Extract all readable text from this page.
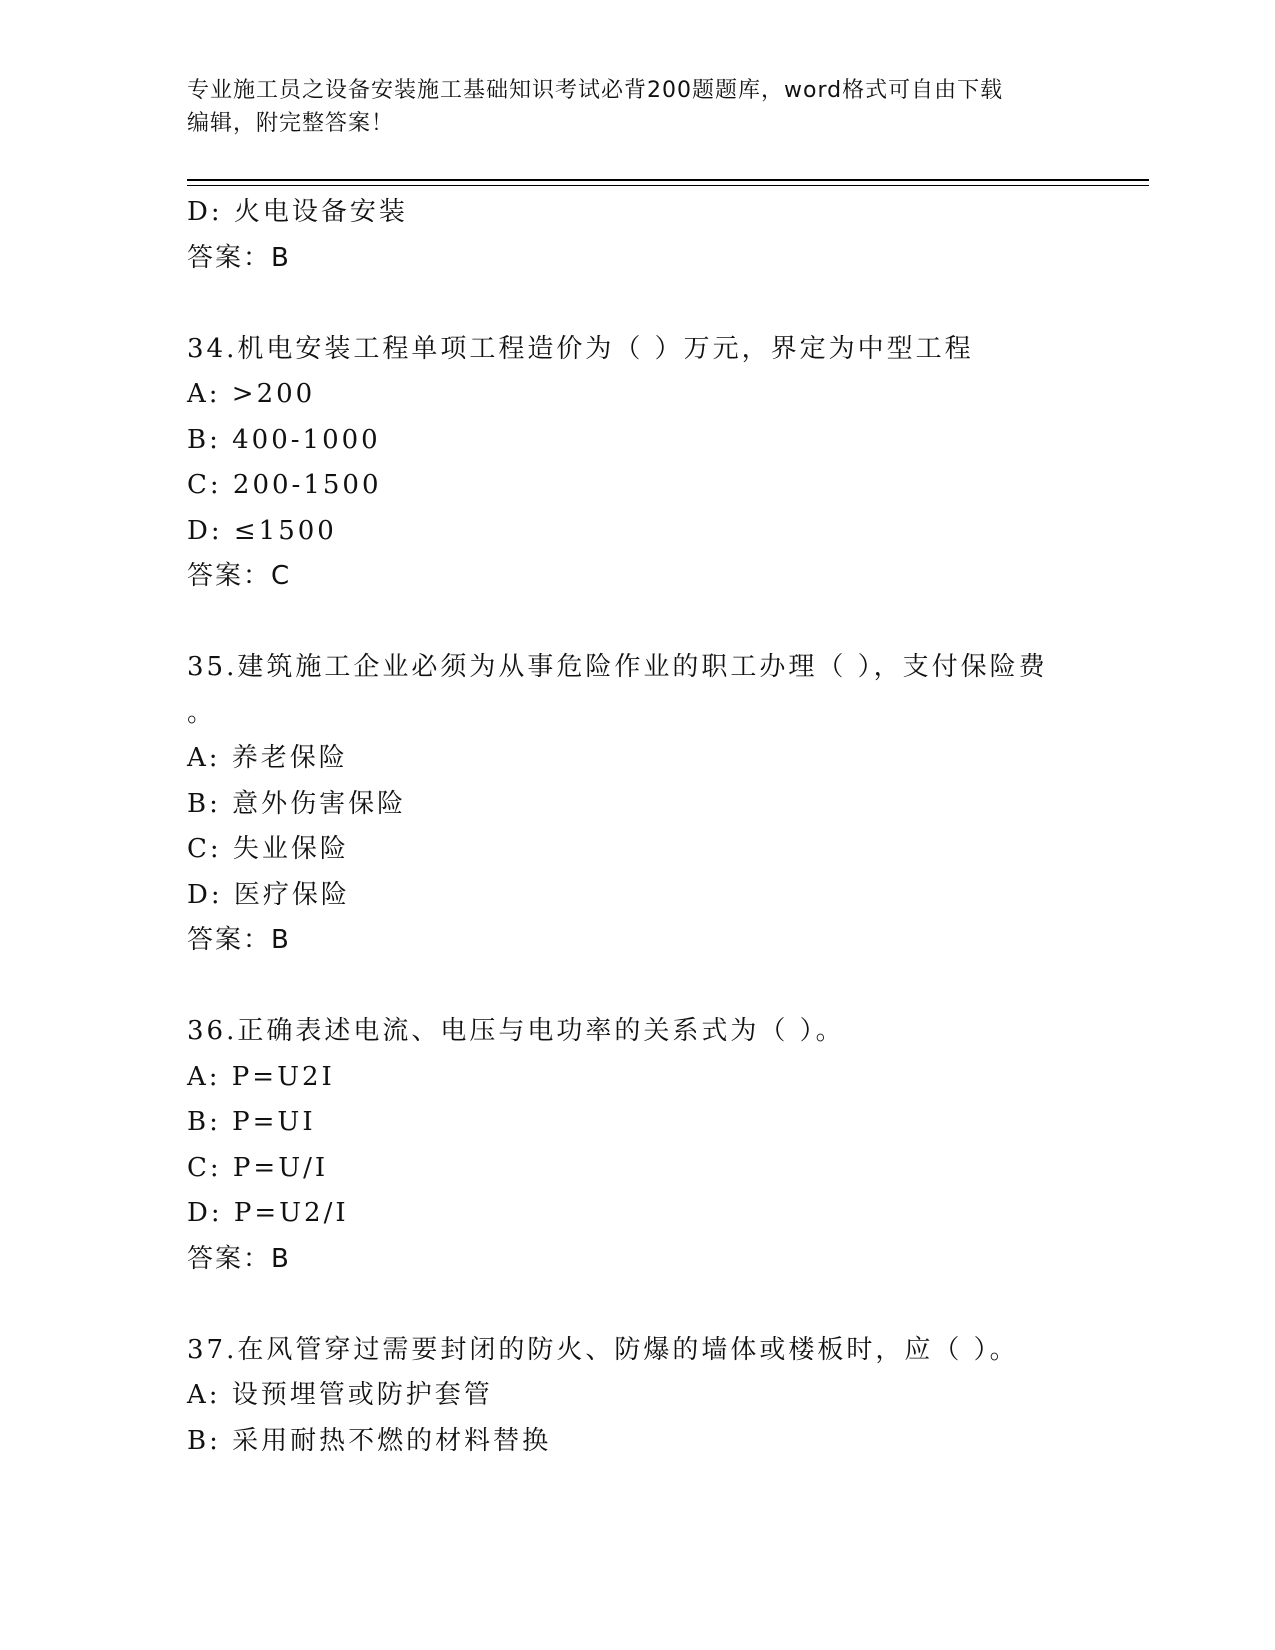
专业施工员之设备安装施工基础知识考试必背200题题库，word格式可自由下载
编辑，附完整答案！
D: 火电设备安装
答案：B
34.机电安装工程单项工程造价为（ ）万元，界定为中型工程
A: >200
B: 400-1000
C: 200-1500
D: ≤1500
答案：C
35.建筑施工企业必须为从事危险作业的职工办理（ ），支付保险费
。
A: 养老保险
B: 意外伤害保险
C: 失业保险
D: 医疗保险
答案：B
36.正确表述电流、电压与电功率的关系式为（ ）。
A: P=U2I
B: P=UI
C: P=U/I
D: P=U2/I
答案：B
37.在风管穿过需要封闭的防火、防爆的墙体或楼板时，应（ ）。
A: 设预埋管或防护套管
B: 采用耐热不燃的材料替换
